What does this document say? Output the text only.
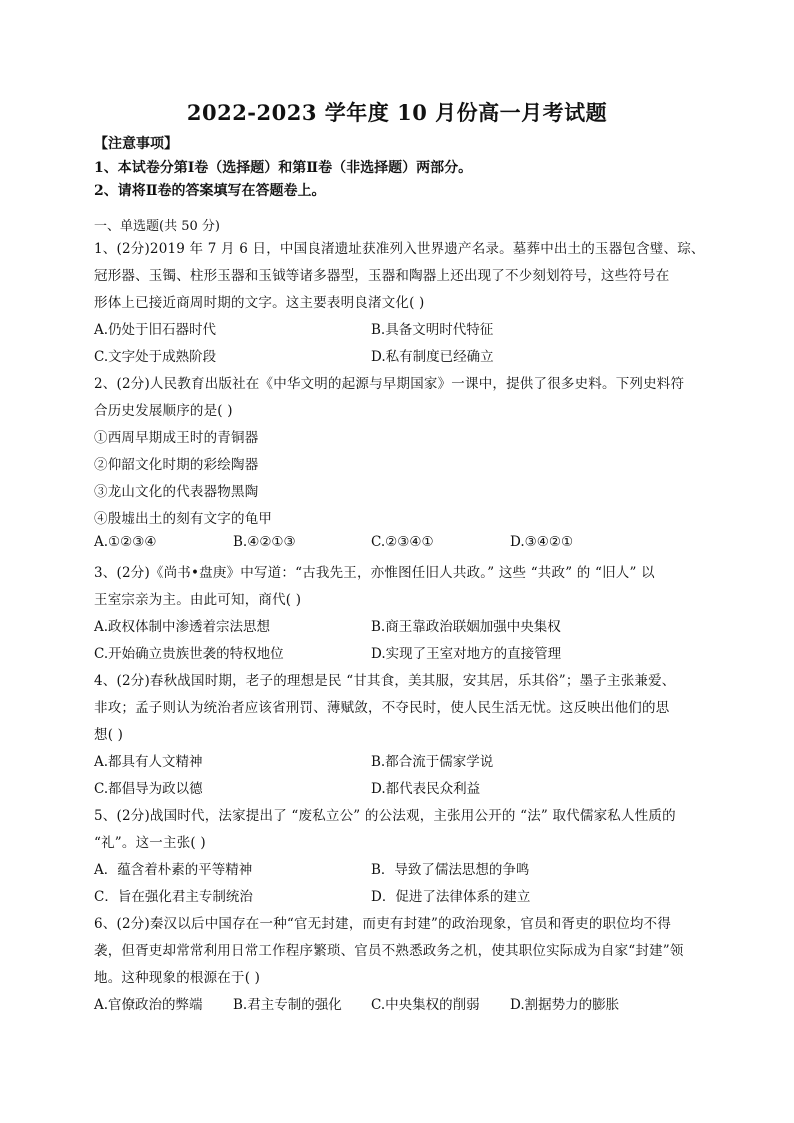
2022-2023 学年度 10 月份高一月考试题
【注意事项】
1、本试卷分第Ⅰ卷（选择题）和第Ⅱ卷（非选择题）两部分。
2、请将Ⅱ卷的答案填写在答题卷上。
一、单选题(共 50 分)
1、(2分)2019 年 7 月 6 日，中国良渚遗址获准列入世界遗产名录。墓葬中出土的玉器包含璧、琮、
冠形器、玉镯、柱形玉器和玉钺等诸多器型，玉器和陶器上还出现了不少刻划符号，这些符号在
形体上已接近商周时期的文字。这主要表明良渚文化( )
A.仍处于旧石器时代	B.具备文明时代特征
C.文字处于成熟阶段	D.私有制度已经确立
2、(2分)人民教育出版社在《中华文明的起源与早期国家》一课中，提供了很多史料。下列史料符
合历史发展顺序的是( )
①西周早期成王时的青铜器
②仰韶文化时期的彩绘陶器
③龙山文化的代表器物黑陶
④殷墟出土的刻有文字的龟甲
A.①②③④	B.④②①③	C.②③④①	D.③④②①
3、(2分)《尚书•盘庚》中写道：“古我先王，亦惟图任旧人共政。” 这些 “共政” 的 “旧人” 以
王室宗亲为主。由此可知，商代( )
A.政权体制中渗透着宗法思想	B.商王靠政治联姻加强中央集权
C.开始确立贵族世袭的特权地位	D.实现了王室对地方的直接管理
4、(2分)春秋战国时期，老子的理想是民 “甘其食，美其服，安其居，乐其俗”；墨子主张兼爱、
非攻；孟子则认为统治者应该省刑罚、薄赋敛，不夺民时，使人民生活无忧。这反映出他们的思
想( )
A.都具有人文精神	B.都合流于儒家学说
C.都倡导为政以德	D.都代表民众利益
5、(2分)战国时代，法家提出了 “废私立公” 的公法观，主张用公开的 “法” 取代儒家私人性质的
“礼”。这一主张( )
A．蕴含着朴素的平等精神	B．导致了儒法思想的争鸣
C．旨在强化君主专制统治	D．促进了法律体系的建立
6、(2分)秦汉以后中国存在一种“官无封建，而吏有封建”的政治现象，官员和胥吏的职位均不得
袭，但胥吏却常常利用日常工作程序繁琐、官员不熟悉政务之机，使其职位实际成为自家“封建”领
地。这种现象的根源在于( )
A.官僚政治的弊端 B.君主专制的强化 C.中央集权的削弱 D.割据势力的膨胀
